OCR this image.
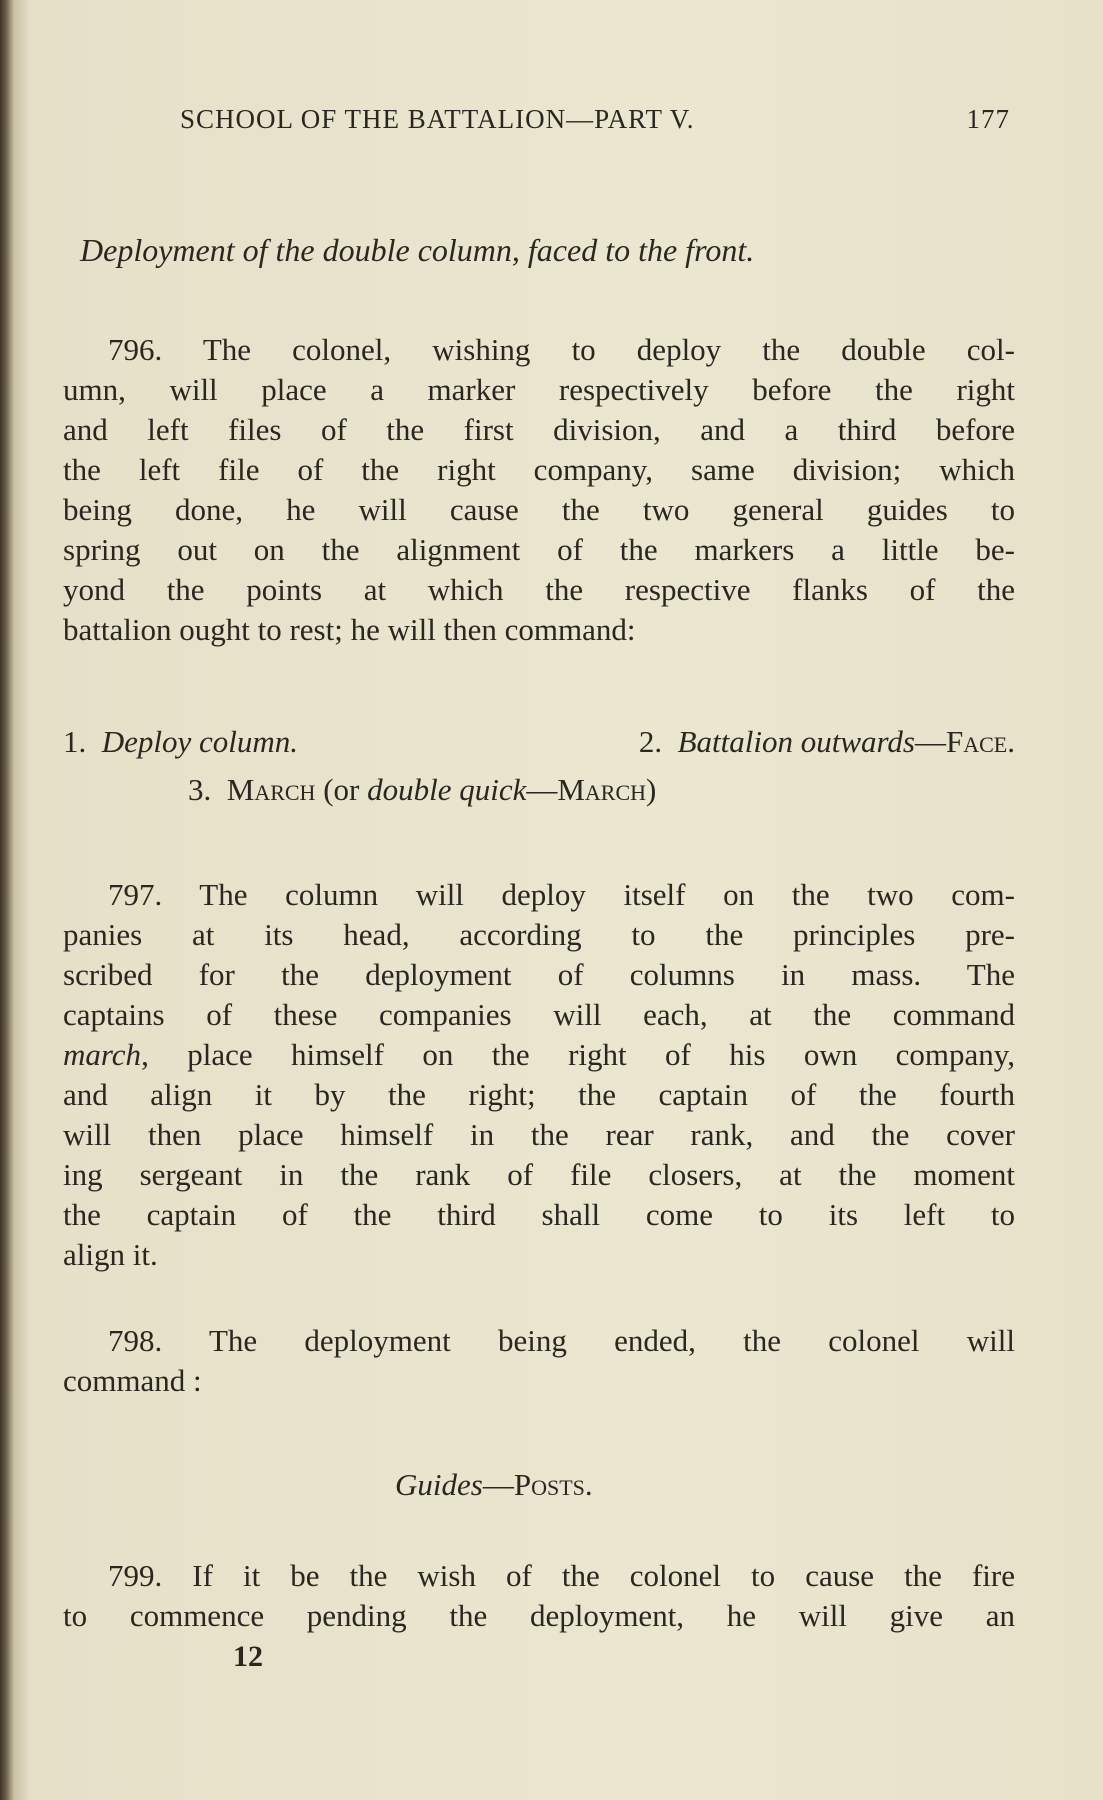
SCHOOL OF THE BATTALION—PART V.	177
Deployment of the double column, faced to the front.
796. The colonel, wishing to deploy the double col-
umn, will place a marker respectively before the right
and left files of the first division, and a third before
the left file of the right company, same division; which
being done, he will cause the two general guides to
spring out on the alignment of the markers a little be-
yond the points at which the respective flanks of the
battalion ought to rest; he will then command:
1. Deploy column.	2. Battalion outwards—Face.
3. March (or double quick—March)
797. The column will deploy itself on the two com-
panies at its head, according to the principles pre-
scribed for the deployment of columns in mass. The
captains of these companies will each, at the command
march, place himself on the right of his own company,
and align it by the right; the captain of the fourth
will then place himself in the rear rank, and the cover
ing sergeant in the rank of file closers, at the moment
the captain of the third shall come to its left to
align it.
798. The deployment being ended, the colonel will
command :
Guides—Posts.
799. If it be the wish of the colonel to cause the fire
to commence pending the deployment, he will give an
12
